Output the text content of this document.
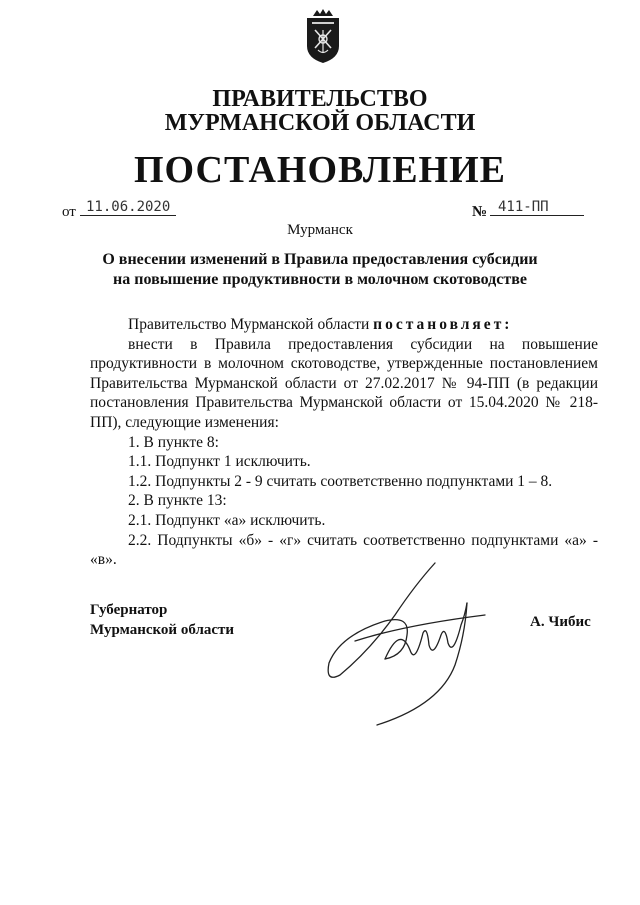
ПРАВИТЕЛЬСТВО
МУРМАНСКОЙ ОБЛАСТИ
ПОСТАНОВЛЕНИЕ
от 11.06.2020	№ 411-ПП
Мурманск
О внесении изменений в Правила предоставления субсидии
на повышение продуктивности в молочном скотоводстве

Правительство Мурманской области постановляет:

внести в Правила предоставления субсидии на повышение продуктивности в молочном скотоводстве, утвержденные постановлением Правительства Мурманской области от 27.02.2017 № 94-ПП (в редакции постановления Правительства Мурманской области от 15.04.2020 № 218-ПП), следующие изменения:

1. В пункте 8:

1.1. Подпункт 1 исключить.

1.2. Подпункты 2 - 9 считать соответственно подпунктами 1 – 8.

2. В пункте 13:

2.1. Подпункт «а» исключить.

2.2. Подпункты «б» - «г» считать соответственно подпунктами «а» - «в».

Губернатор
Мурманской области	А. Чибис
